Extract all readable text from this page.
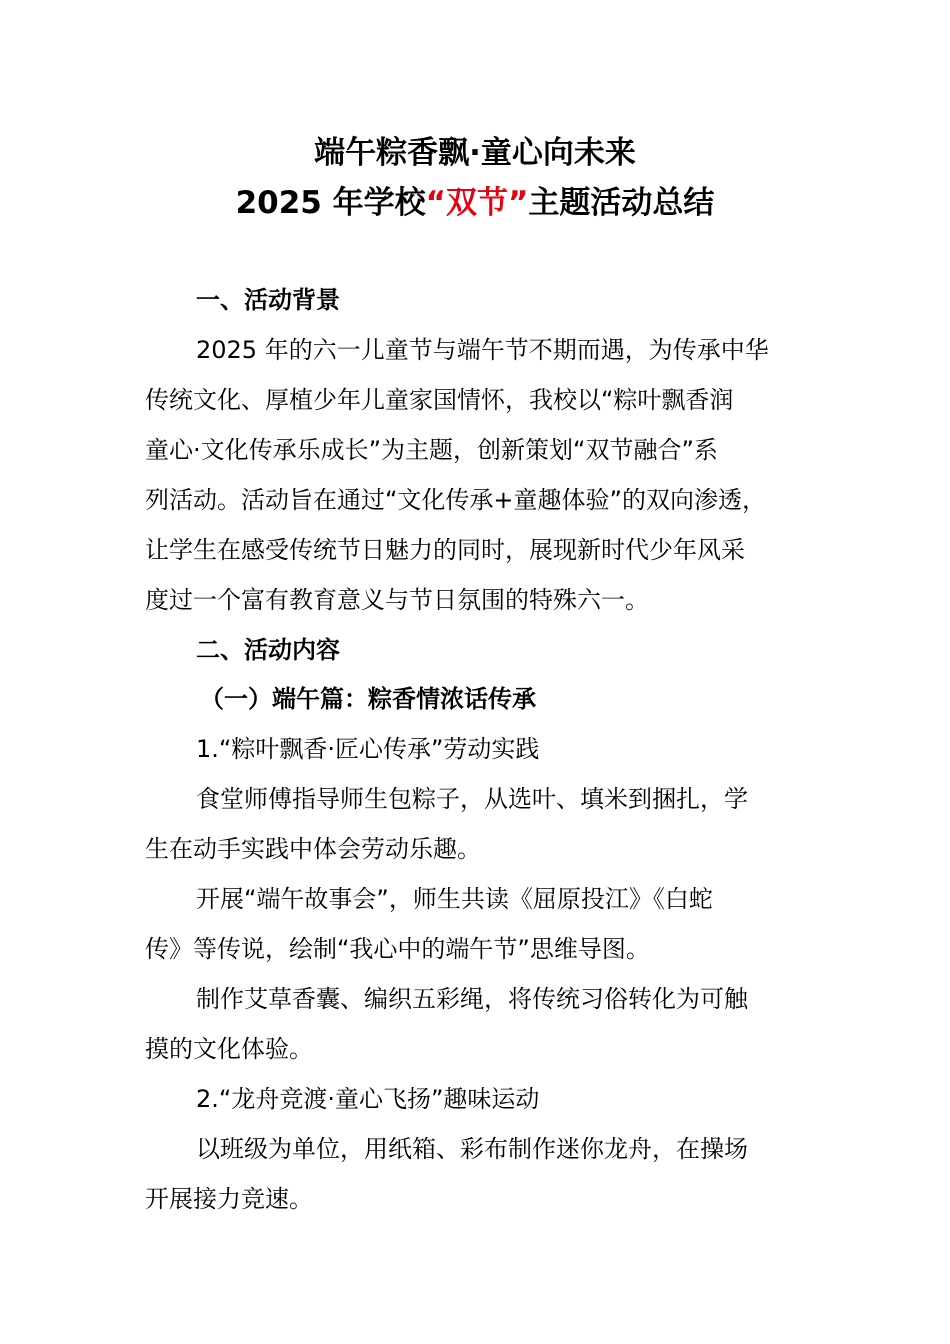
端午粽香飘·童心向未来
2025 年学校“双节”主题活动总结
一、活动背景
2025 年的六一儿童节与端午节不期而遇，为传承中华
传统文化、厚植少年儿童家国情怀，我校以“粽叶飘香润
童心·文化传承乐成长”为主题，创新策划“双节融合”系
列活动。活动旨在通过“文化传承+童趣体验”的双向渗透，
让学生在感受传统节日魅力的同时，展现新时代少年风采
度过一个富有教育意义与节日氛围的特殊六一。
二、活动内容
（一）端午篇：粽香情浓话传承
1.“粽叶飘香·匠心传承”劳动实践
食堂师傅指导师生包粽子，从选叶、填米到捆扎，学
生在动手实践中体会劳动乐趣。
开展“端午故事会”，师生共读《屈原投江》《白蛇
传》等传说，绘制“我心中的端午节”思维导图。
制作艾草香囊、编织五彩绳，将传统习俗转化为可触
摸的文化体验。
2.“龙舟竞渡·童心飞扬”趣味运动
以班级为单位，用纸箱、彩布制作迷你龙舟，在操场
开展接力竞速。
